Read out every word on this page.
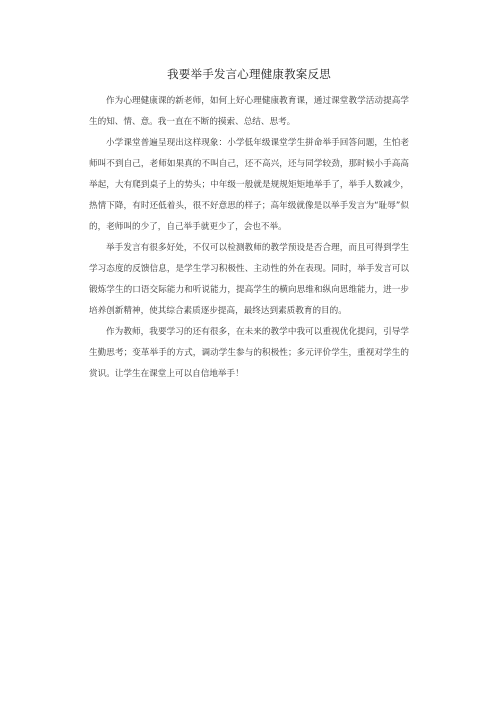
我要举手发言心理健康教案反思

作为心理健康课的新老师，如何上好心理健康教育课，通过课堂教学活动提高学生的知、情、意。我一直在不断的摸索、总结、思考。

小学课堂普遍呈现出这样现象：小学低年级课堂学生拼命举手回答问题，生怕老师叫不到自己，老师如果真的不叫自己，还不高兴，还与同学较劲，那时候小手高高举起，大有爬到桌子上的势头；中年级一般就是规规矩矩地举手了，举手人数减少，热情下降，有时还低着头，很不好意思的样子；高年级就像是以举手发言为“耻辱”似的，老师叫的少了，自己举手就更少了，会也不举。

举手发言有很多好处，不仅可以检测教师的教学预设是否合理，而且可得到学生学习态度的反馈信息，是学生学习积极性、主动性的外在表现。同时，举手发言可以锻炼学生的口语交际能力和听说能力，提高学生的横向思维和纵向思维能力，进一步培养创新精神，使其综合素质逐步提高，最终达到素质教育的目的。

作为教师，我要学习的还有很多，在未来的教学中我可以重视优化提问，引导学生勤思考；变革举手的方式，调动学生参与的积极性；多元评价学生，重视对学生的赏识。让学生在课堂上可以自信地举手！
